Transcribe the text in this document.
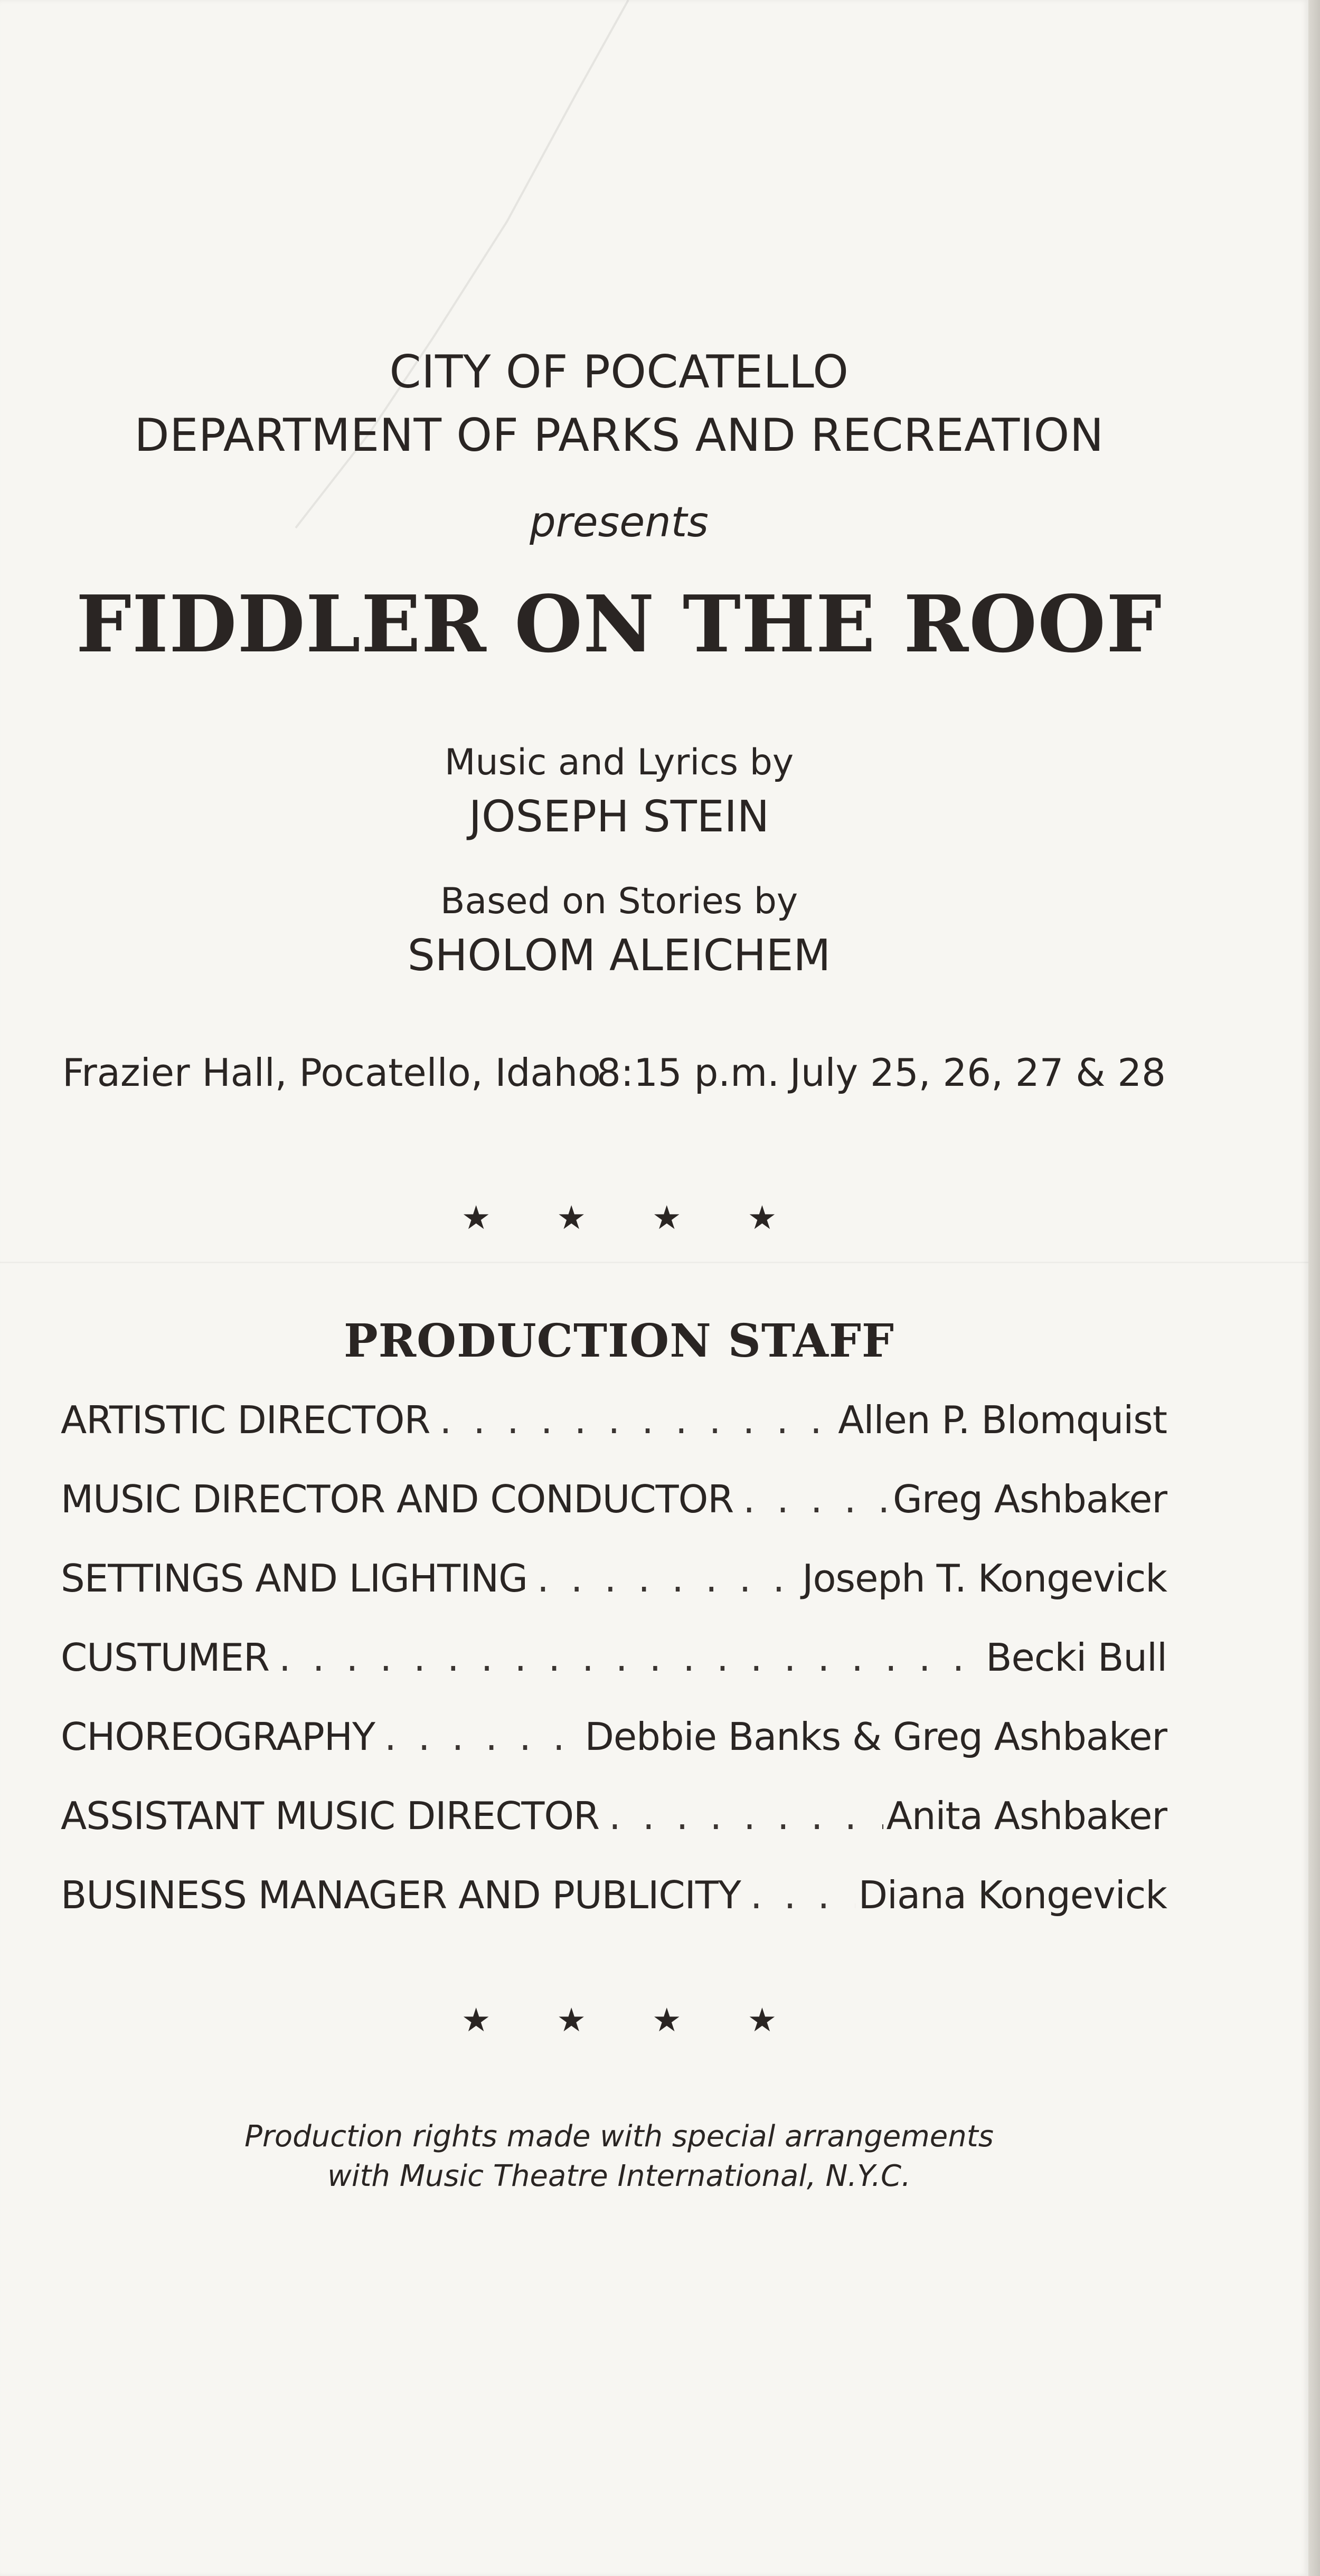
CITY OF POCATELLO
DEPARTMENT OF PARKS AND RECREATION
presents
FIDDLER ON THE ROOF
Music and Lyrics by
JOSEPH STEIN
Based on Stories by
SHOLOM ALEICHEM
Frazier Hall, Pocatello, Idaho
8:15 p.m. July 25, 26, 27 & 28
★ ★ ★ ★
PRODUCTION STAFF
ARTISTIC DIRECTOR . . .	Allen P. Blomquist
MUSIC DIRECTOR AND CONDUCTOR . . .	Greg Ashbaker
SETTINGS AND LIGHTING . . .	Joseph T. Kongevick
CUSTUMER . . .	Becki Bull
CHOREOGRAPHY . . .	Debbie Banks & Greg Ashbaker
ASSISTANT MUSIC DIRECTOR . . .	Anita Ashbaker
BUSINESS MANAGER AND PUBLICITY . . .	Diana Kongevick
★ ★ ★ ★
Production rights made with special arrangements
with Music Theatre International, N.Y.C.
